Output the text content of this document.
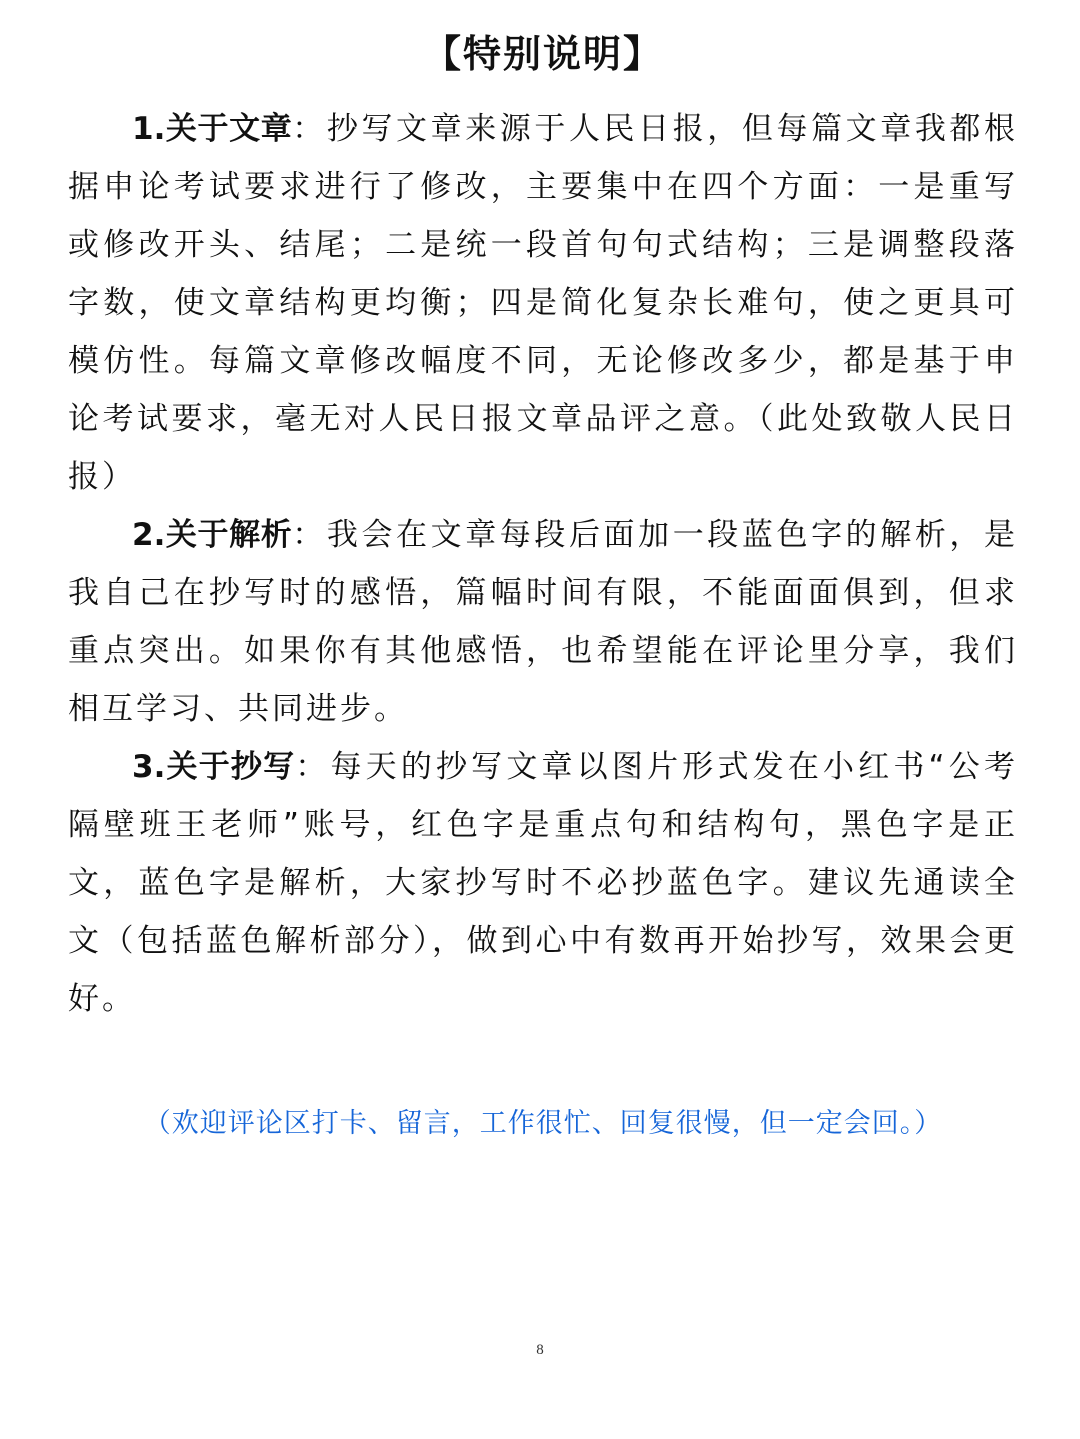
【特别说明】

1.关于文章：抄写文章来源于人民日报，但每篇文章我都根据申论考试要求进行了修改，主要集中在四个方面：一是重写或修改开头、结尾；二是统一段首句句式结构；三是调整段落字数，使文章结构更均衡；四是简化复杂长难句，使之更具可模仿性。每篇文章修改幅度不同，无论修改多少，都是基于申论考试要求，毫无对人民日报文章品评之意。（此处致敬人民日报）

2.关于解析：我会在文章每段后面加一段蓝色字的解析，是我自己在抄写时的感悟，篇幅时间有限，不能面面俱到，但求重点突出。如果你有其他感悟，也希望能在评论里分享，我们相互学习、共同进步。

3.关于抄写：每天的抄写文章以图片形式发在小红书“公考隔壁班王老师”账号，红色字是重点句和结构句，黑色字是正文，蓝色字是解析，大家抄写时不必抄蓝色字。建议先通读全文（包括蓝色解析部分），做到心中有数再开始抄写，效果会更好。

（欢迎评论区打卡、留言，工作很忙、回复很慢，但一定会回。）
8
